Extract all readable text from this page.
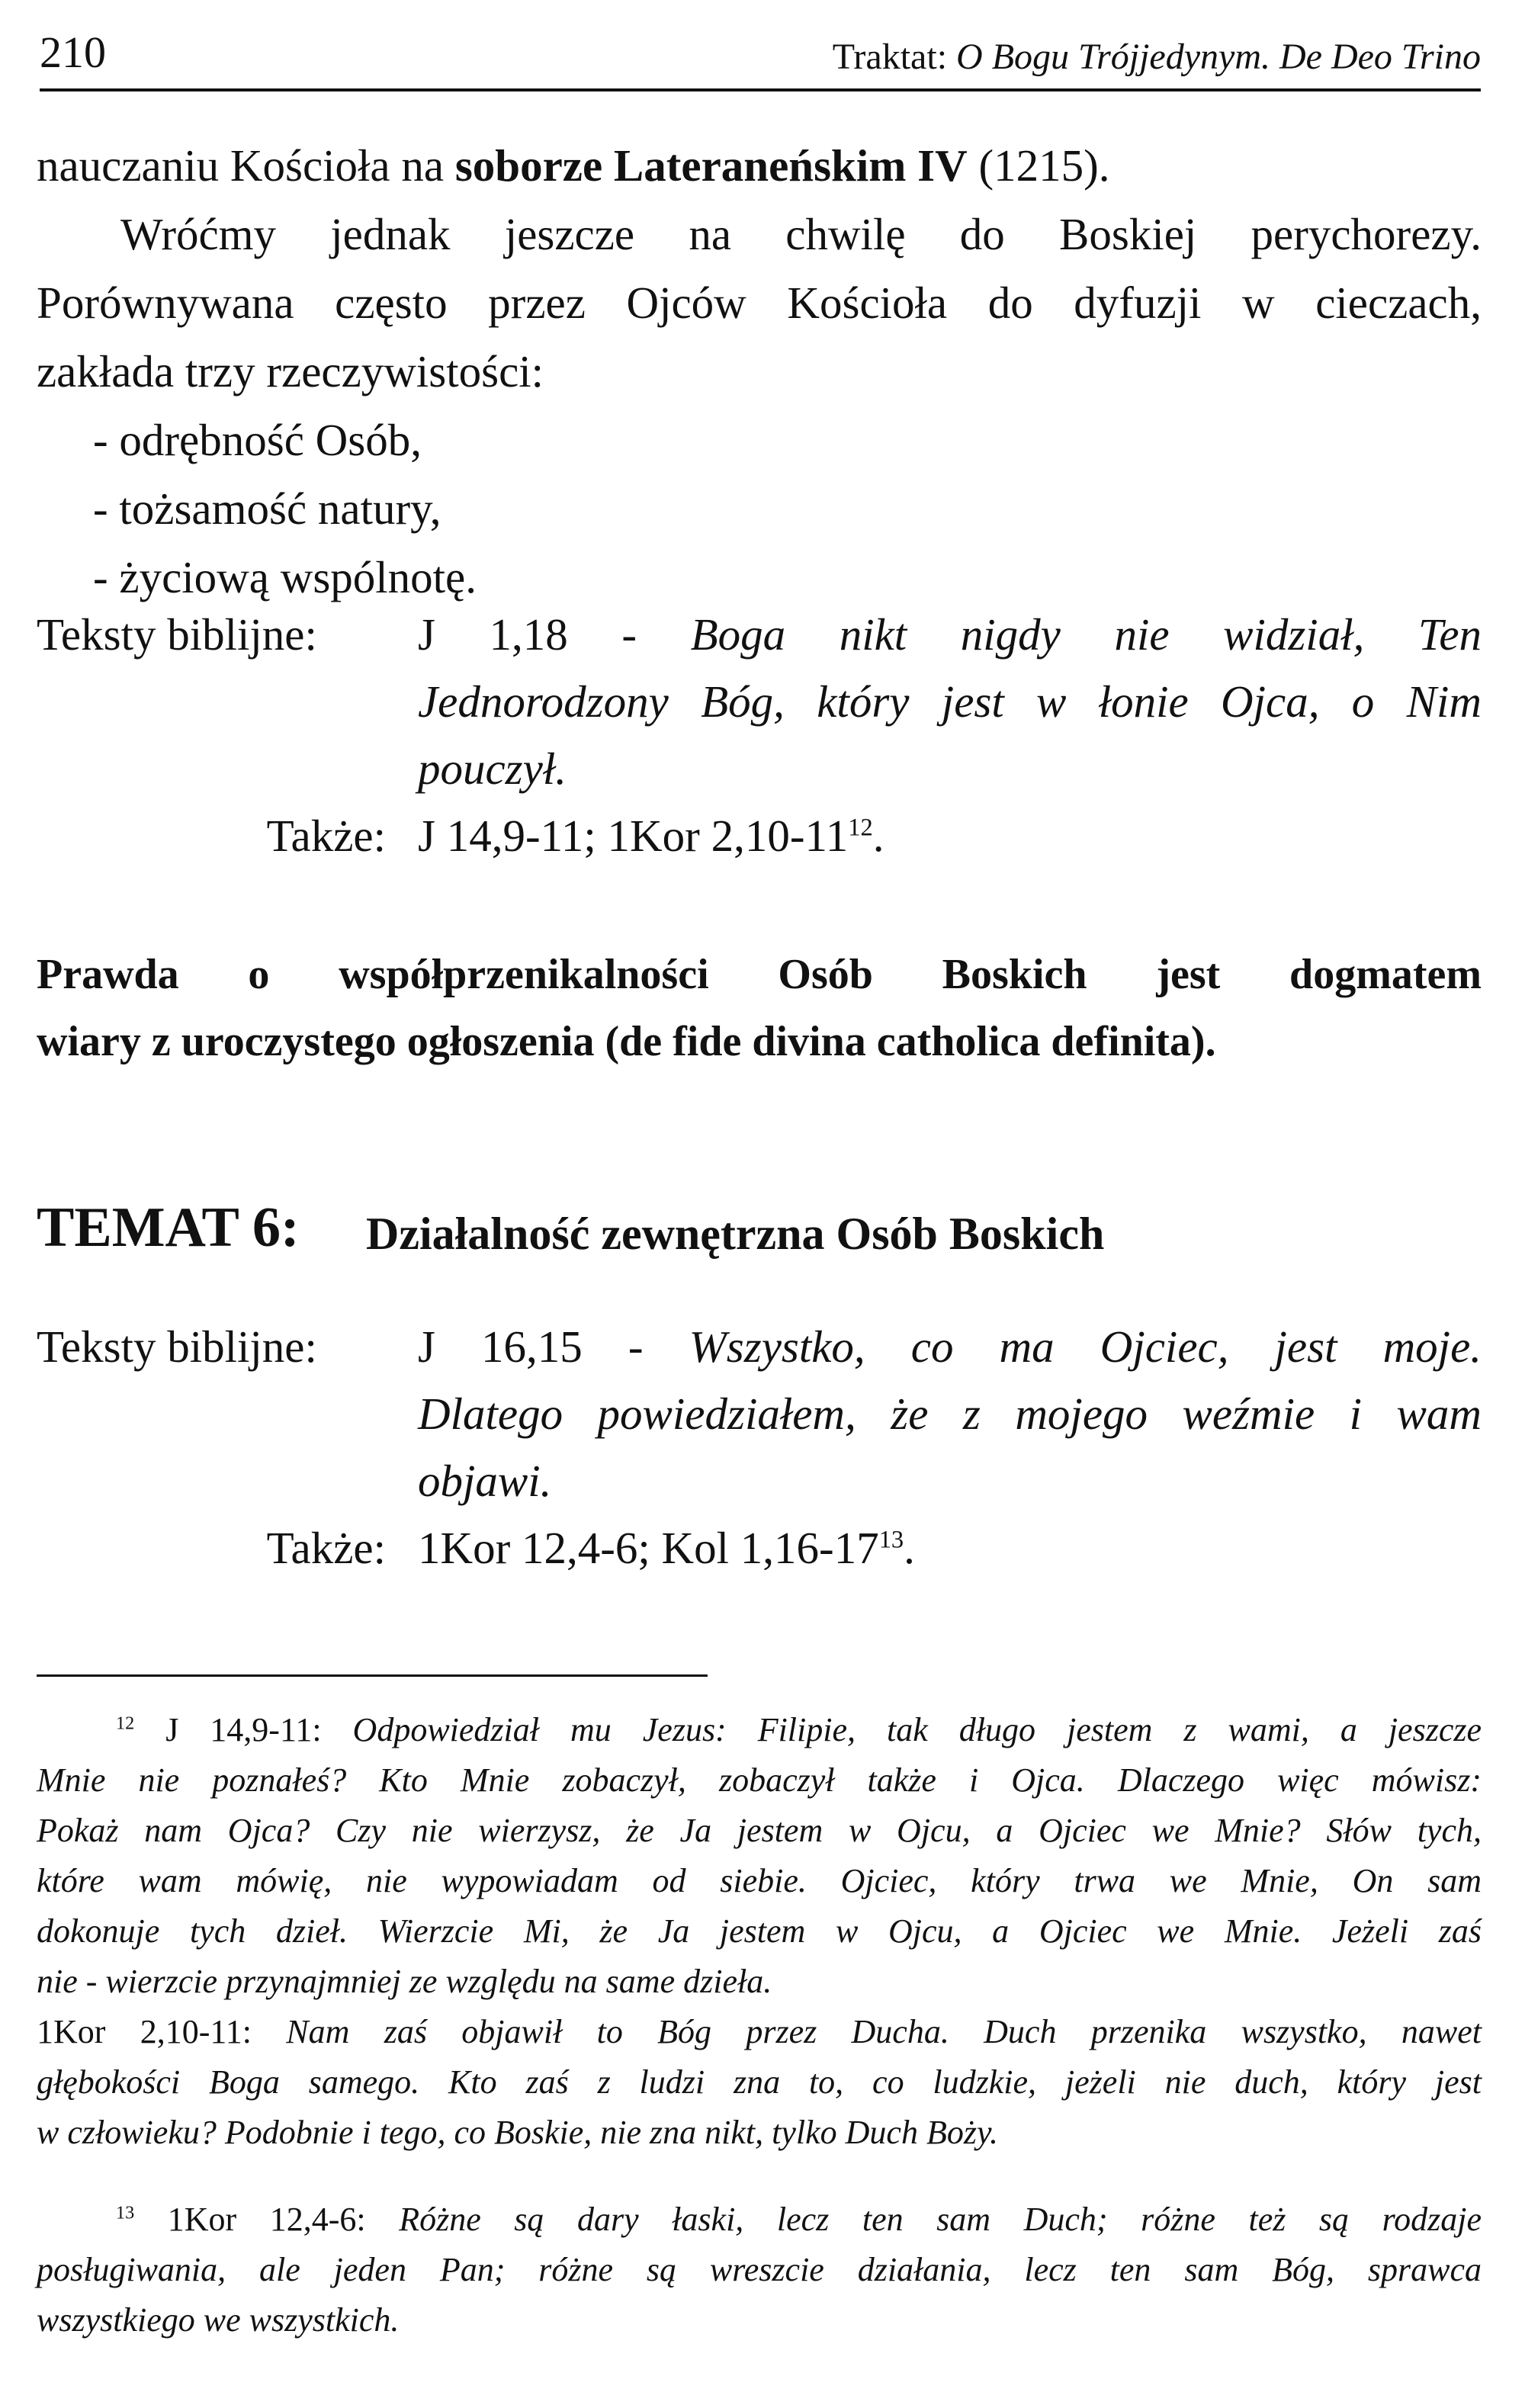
210	Traktat: O Bogu Trójjedynym. De Deo Trino
nauczaniu Kościoła na soborze Lateraneńskim IV (1215).
Wróćmy jednak jeszcze na chwilę do Boskiej perychorezy.
Porównywana często przez Ojców Kościoła do dyfuzji w cieczach,
zakłada trzy rzeczywistości:
- odrębność Osób,
- tożsamość natury,
- życiową wspólnotę.
Teksty biblijne:	J 1,18 - Boga nikt nigdy nie widział, Ten
Jednorodzony Bóg, który jest w łonie Ojca, o Nim
pouczył.
Także: J 14,9-11; 1Kor $2,10-11^{12}$.
Prawda o współprzenikalności Osób Boskich jest dogmatem
wiary z uroczystego ogłoszenia (de fide divina catholica definita).
TEMAT 6: Działalność zewnętrzna Osób Boskich
Teksty biblijne:	J 16,15 - Wszystko, co ma Ojciec, jest moje.
Dlatego powiedziałem, że z mojego weźmie i wam
objawi.
Także: 1Kor 12,4-6; Kol $1,16-17^{13}$.
$^{12}$ J 14,9-11: Odpowiedział mu Jezus: Filipie, tak długo jestem z wami, a jeszcze
Mnie nie poznałeś? Kto Mnie zobaczył, zobaczył także i Ojca. Dlaczego więc mówisz:
Pokaż nam Ojca? Czy nie wierzysz, że Ja jestem w Ojcu, a Ojciec we Mnie? Słów tych,
które wam mówię, nie wypowiadam od siebie. Ojciec, który trwa we Mnie, On sam
dokonuje tych dzieł. Wierzcie Mi, że Ja jestem w Ojcu, a Ojciec we Mnie. Jeżeli zaś
nie - wierzcie przynajmniej ze względu na same dzieła.
1Kor 2,10-11: Nam zaś objawił to Bóg przez Ducha. Duch przenika wszystko, nawet
głębokości Boga samego. Kto zaś z ludzi zna to, co ludzkie, jeżeli nie duch, który jest
w człowieku? Podobnie i tego, co Boskie, nie zna nikt, tylko Duch Boży.
$^{13}$ 1Kor 12,4-6: Różne są dary łaski, lecz ten sam Duch; różne też są rodzaje
posługiwania, ale jeden Pan; różne są wreszcie działania, lecz ten sam Bóg, sprawca
wszystkiego we wszystkich.
